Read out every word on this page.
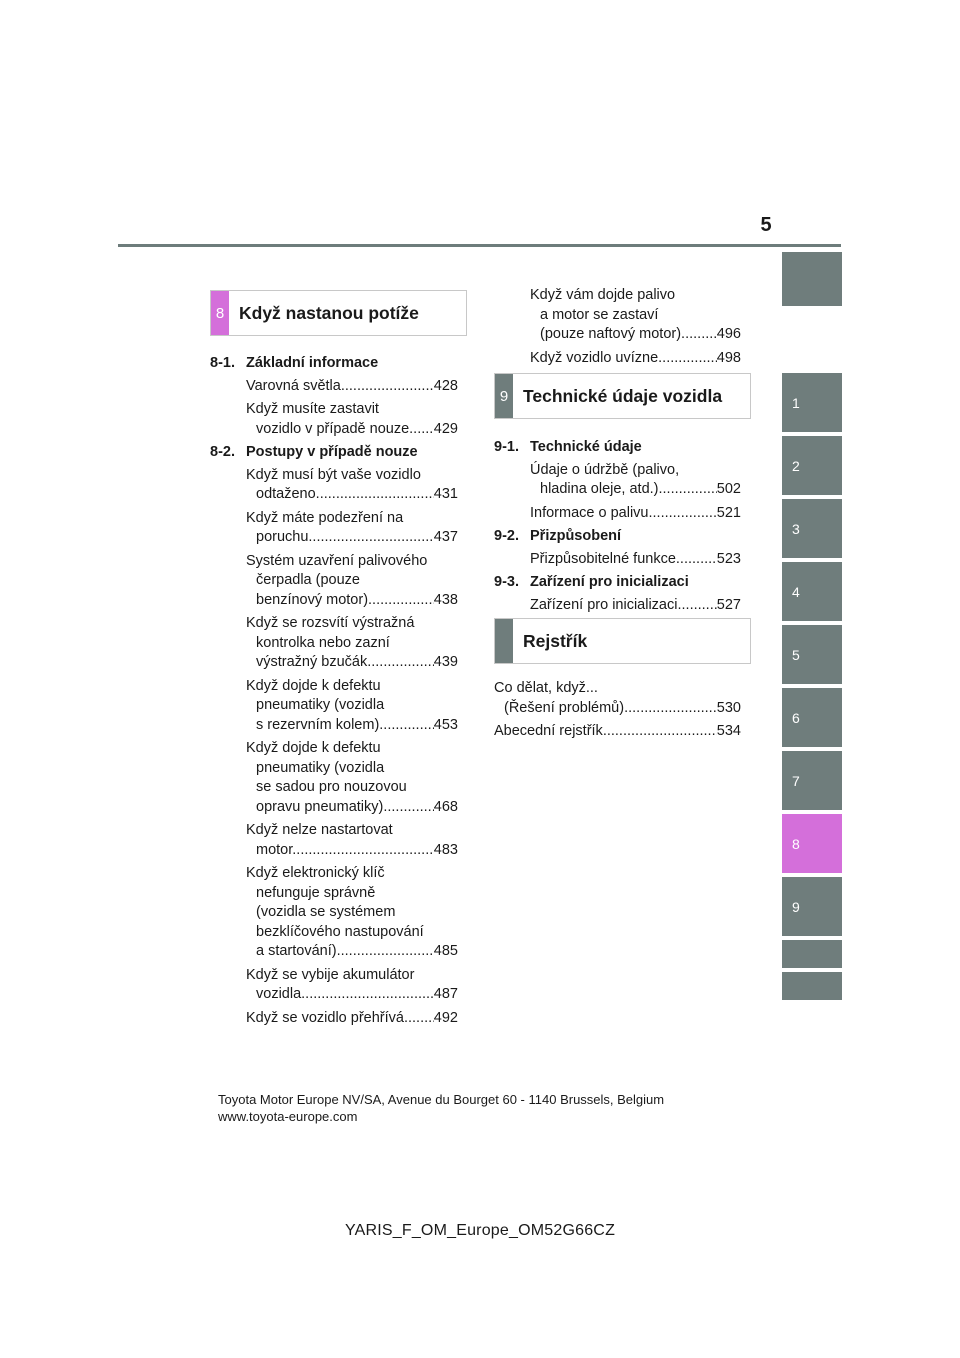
5
1
2
3
4
5
6
7
8
9
8 Když nastanou potíže
8-1. Základní informace
Varovná světla .....	428
Když musíte zastavit
vozidlo v případě nouze .....	429
8-2. Postupy v případě nouze
Když musí být vaše vozidlo
odtaženo .....	431
Když máte podezření na
poruchu .....	437
Systém uzavření palivového
čerpadla (pouze
benzínový motor) .....	438
Když se rozsvítí výstražná
kontrolka nebo zazní
výstražný bzučák .....	439
Když dojde k defektu
pneumatiky (vozidla
s rezervním kolem) .....	453
Když dojde k defektu
pneumatiky (vozidla
se sadou pro nouzovou
opravu pneumatiky) .....	468
Když nelze nastartovat
motor .....	483
Když elektronický klíč
nefunguje správně
(vozidla se systémem
bezklíčového nastupování
a startování) .....	485
Když se vybije akumulátor
vozidla .....	487
Když se vozidlo přehřívá .....	492
Když vám dojde palivo
a motor se zastaví
(pouze naftový motor) .....	496
Když vozidlo uvízne .....	498
9 Technické údaje vozidla
9-1. Technické údaje
Údaje o údržbě (palivo,
hladina oleje, atd.) .....	502
Informace o palivu .....	521
9-2. Přizpůsobení
Přizpůsobitelné funkce .....	523
9-3. Zařízení pro inicializaci
Zařízení pro inicializaci .....	527
Rejstřík
Co dělat, když...
(Řešení problémů) .....	530
Abecední rejstřík .....	534
Toyota Motor Europe NV/SA, Avenue du Bourget 60 - 1140 Brussels, Belgium
www.toyota-europe.com
YARIS_F_OM_Europe_OM52G66CZ
